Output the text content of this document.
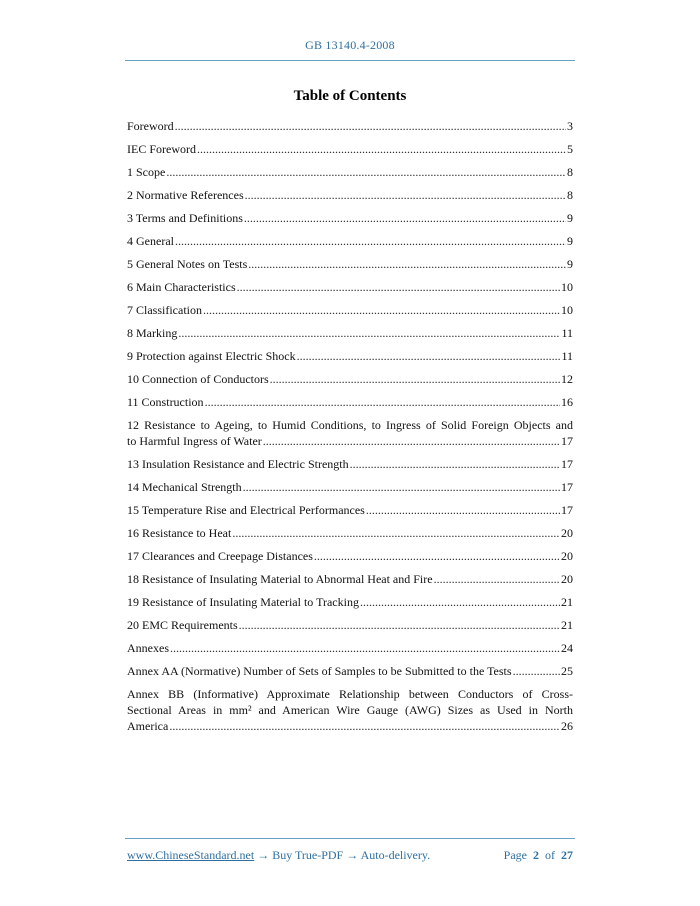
GB 13140.4-2008
Table of Contents
Foreword .....	3
IEC Foreword .....	5
1 Scope .....	8
2 Normative References .....	8
3 Terms and Definitions .....	9
4 General .....	9
5 General Notes on Tests .....	9
6 Main Characteristics .....	10
7 Classification .....	10
8 Marking .....	11
9 Protection against Electric Shock .....	11
10 Connection of Conductors .....	12
11 Construction .....	16
12 Resistance to Ageing, to Humid Conditions, to Ingress of Solid Foreign Objects and
to Harmful Ingress of Water .....	17
13 Insulation Resistance and Electric Strength .....	17
14 Mechanical Strength .....	17
15 Temperature Rise and Electrical Performances .....	17
16 Resistance to Heat .....	20
17 Clearances and Creepage Distances .....	20
18 Resistance of Insulating Material to Abnormal Heat and Fire .....	20
19 Resistance of Insulating Material to Tracking .....	21
20 EMC Requirements .....	21
Annexes .....	24
Annex AA (Normative) Number of Sets of Samples to be Submitted to the Tests .....	25
Annex BB (Informative) Approximate Relationship between Conductors of Cross-
Sectional Areas in mm² and American Wire Gauge (AWG) Sizes as Used in North
America .....	26
www.ChineseStandard.net → Buy True-PDF → Auto-delivery.	Page 2 of 27
